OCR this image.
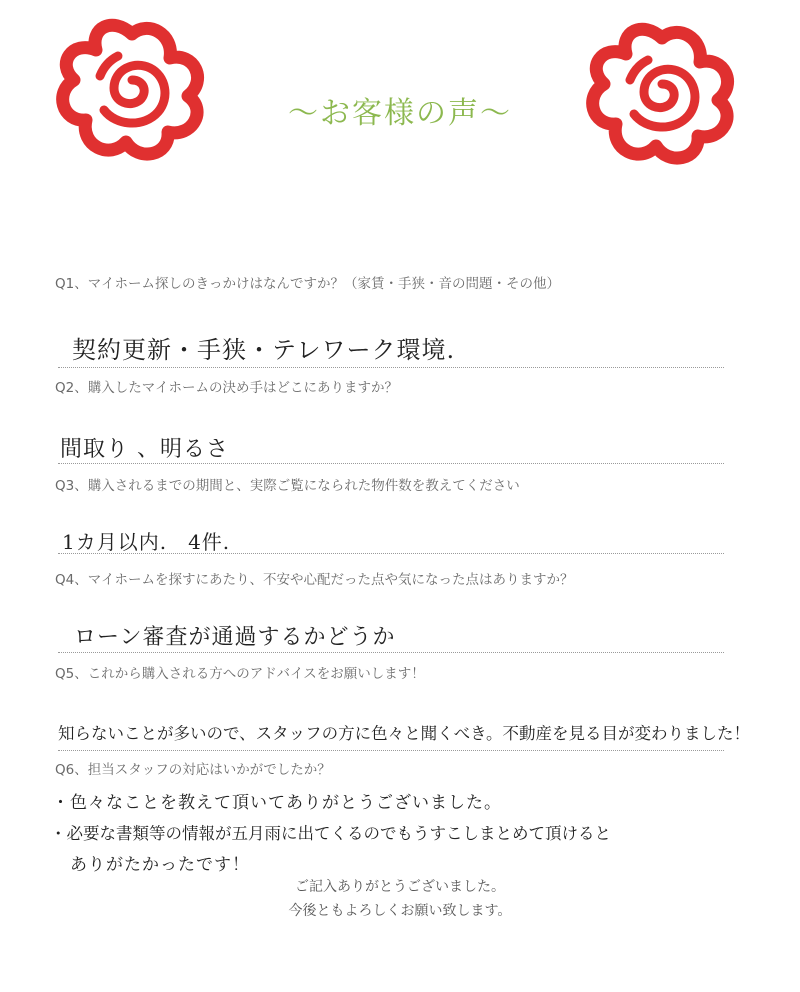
～お客様の声～
Q1、マイホーム探しのきっかけはなんですか？（家賃・手狭・音の問題・その他）
契約更新・手狭・テレワーク環境.
Q2、購入したマイホームの決め手はどこにありますか？
間取り 、明るさ
Q3、購入されるまでの期間と、実際ご覧になられた物件数を教えてください
1カ月以内.　4件.
Q4、マイホームを探すにあたり、不安や心配だった点や気になった点はありますか？
ローン審査が通過するかどうか
Q5、これから購入される方へのアドバイスをお願いします！
知らないことが多いので、スタッフの方に色々と聞くべき。不動産を見る目が変わりました！
Q6、担当スタッフの対応はいかがでしたか？
・色々なことを教えて頂いてありがとうございました。
・必要な書類等の情報が五月雨に出てくるのでもうすこしまとめて頂けると
ありがたかったです！
ご記入ありがとうございました。
今後ともよろしくお願い致します。
